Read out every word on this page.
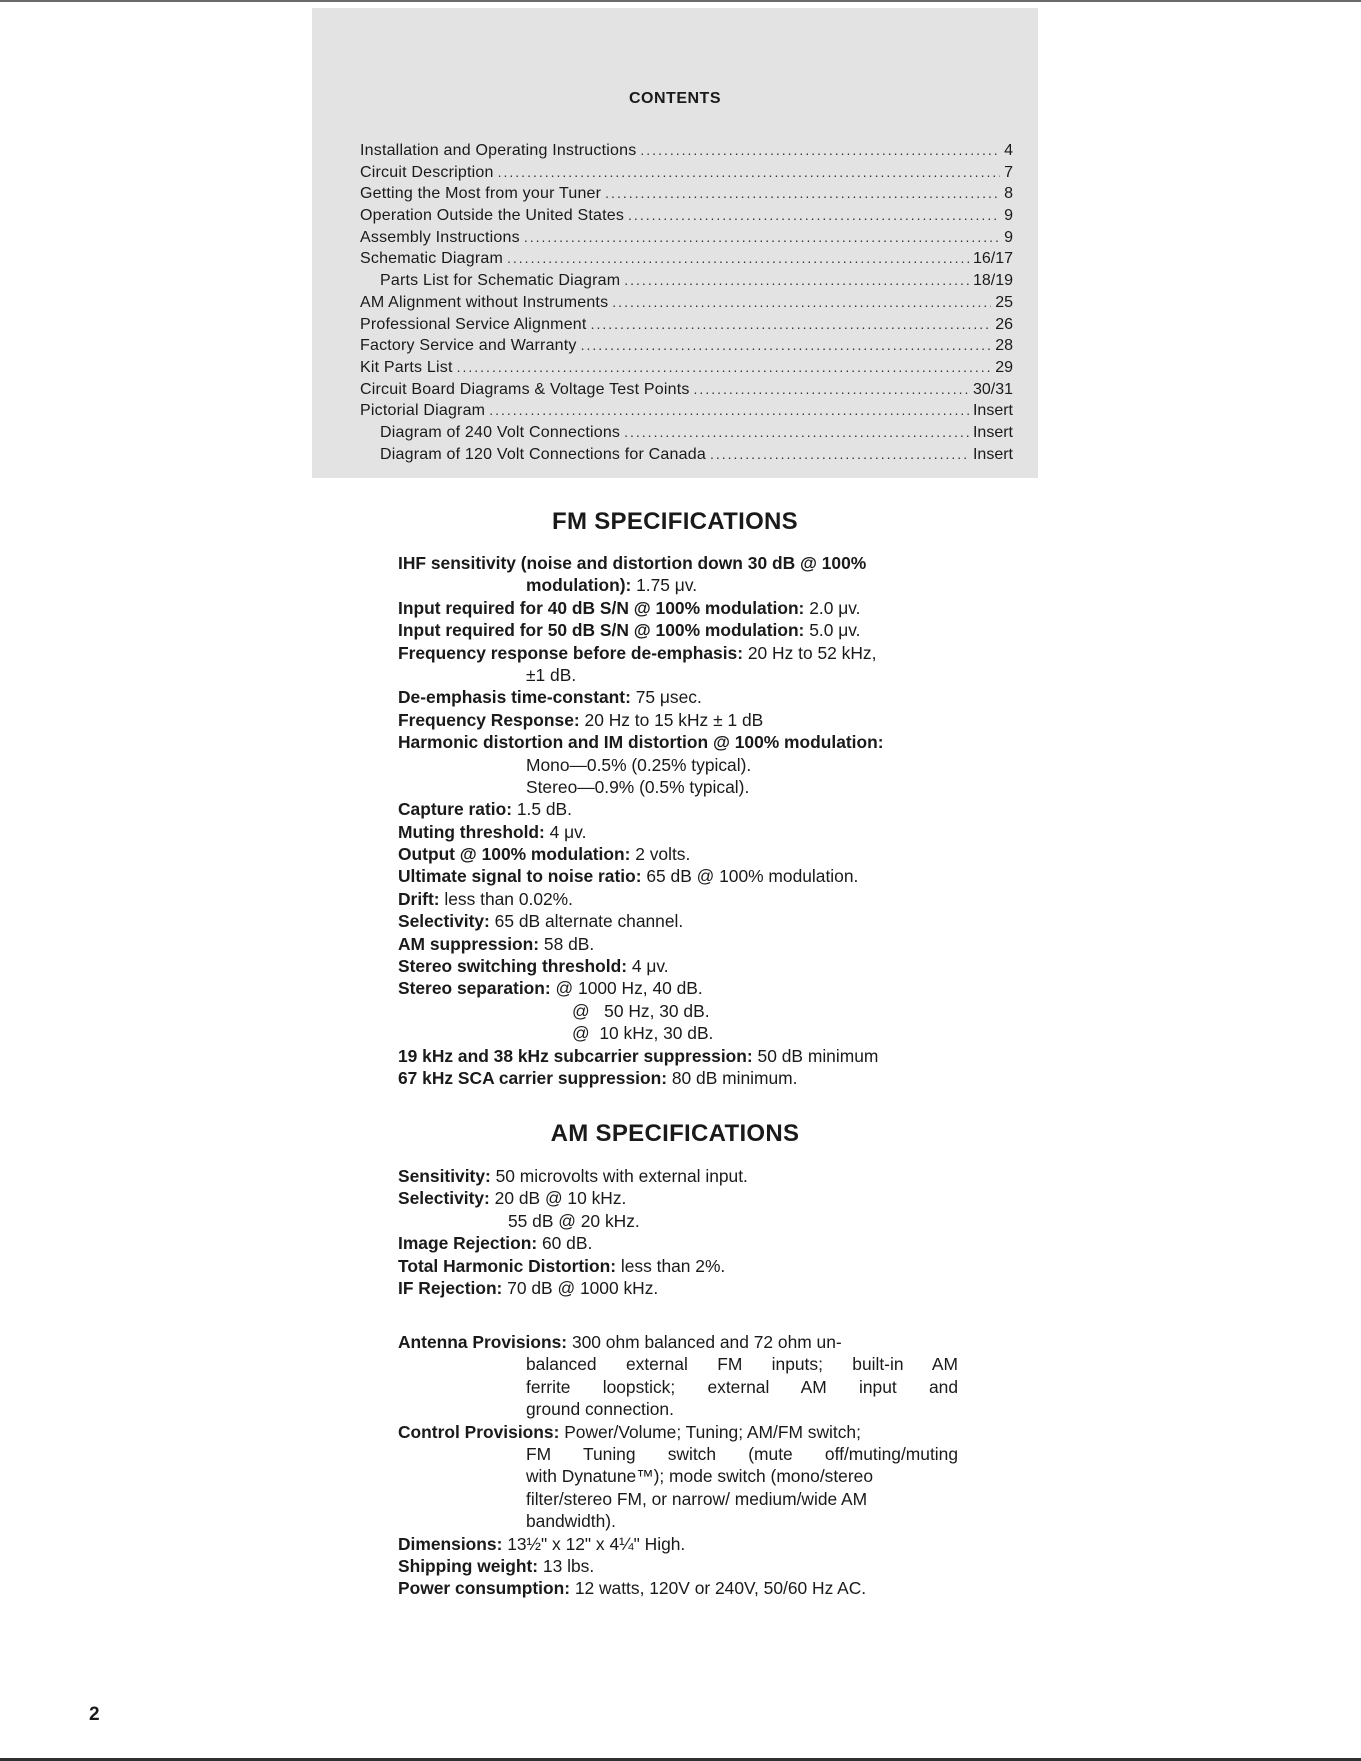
CONTENTS
Installation and Operating Instructions .....	4
Circuit Description .....	7
Getting the Most from your Tuner .....	8
Operation Outside the United States .....	9
Assembly Instructions .....	9
Schematic Diagram .....	16/17
Parts List for Schematic Diagram .....	18/19
AM Alignment without Instruments .....	25
Professional Service Alignment .....	26
Factory Service and Warranty .....	28
Kit Parts List .....	29
Circuit Board Diagrams & Voltage Test Points .....	30/31
Pictorial Diagram .....	Insert
Diagram of 240 Volt Connections .....	Insert
Diagram of 120 Volt Connections for Canada .....	Insert
FM SPECIFICATIONS
IHF sensitivity (noise and distortion down 30 dB @ 100%
modulation): 1.75 μv.
Input required for 40 dB S/N @ 100% modulation: 2.0 μv.
Input required for 50 dB S/N @ 100% modulation: 5.0 μv.
Frequency response before de-emphasis: 20 Hz to 52 kHz,
±1 dB.
De-emphasis time-constant: 75 μsec.
Frequency Response: 20 Hz to 15 kHz ± 1 dB
Harmonic distortion and IM distortion @ 100% modulation:
Mono—0.5% (0.25% typical).
Stereo—0.9% (0.5% typical).
Capture ratio: 1.5 dB.
Muting threshold: 4 μv.
Output @ 100% modulation: 2 volts.
Ultimate signal to noise ratio: 65 dB @ 100% modulation.
Drift: less than 0.02%.
Selectivity: 65 dB alternate channel.
AM suppression: 58 dB.
Stereo switching threshold: 4 μv.
Stereo separation: @ 1000 Hz, 40 dB.
@   50 Hz, 30 dB.
@  10 kHz, 30 dB.
19 kHz and 38 kHz subcarrier suppression: 50 dB minimum
67 kHz SCA carrier suppression: 80 dB minimum.
AM SPECIFICATIONS
Sensitivity: 50 microvolts with external input.
Selectivity: 20 dB @ 10 kHz.
55 dB @ 20 kHz.
Image Rejection: 60 dB.
Total Harmonic Distortion: less than 2%.
IF Rejection: 70 dB @ 1000 kHz.
Antenna Provisions: 300 ohm balanced and 72 ohm un-
balanced external FM inputs; built-in AM
ferrite loopstick; external AM input and
ground connection.
Control Provisions: Power/Volume; Tuning; AM/FM switch;
FM Tuning switch (mute off/muting/muting
with Dynatune™); mode switch (mono/stereo
filter/stereo FM, or narrow/ medium/wide AM
bandwidth).
Dimensions: 13½" x 12" x 4¼" High.
Shipping weight: 13 lbs.
Power consumption: 12 watts, 120V or 240V, 50/60 Hz AC.
2
